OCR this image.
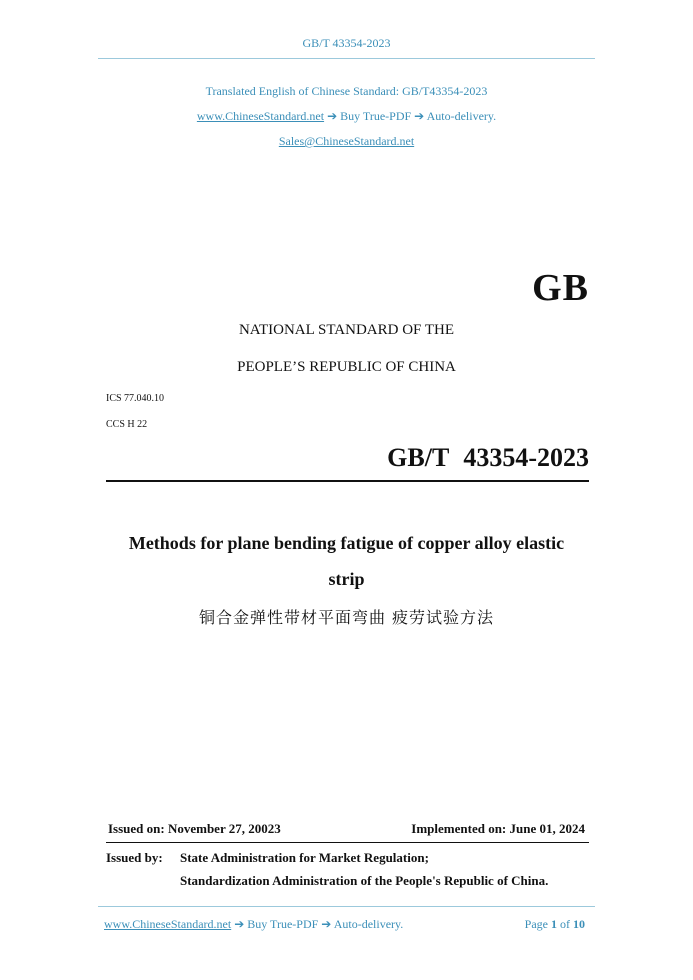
GB/T 43354-2023
Translated English of Chinese Standard: GB/T43354-2023
www.ChineseStandard.net ➔ Buy True-PDF ➔ Auto-delivery.
Sales@ChineseStandard.net
GB
NATIONAL STANDARD OF THE
PEOPLE’S REPUBLIC OF CHINA
ICS 77.040.10
CCS H 22
GB/T 43354-2023
Methods for plane bending fatigue of copper alloy elastic
strip
铜合金弹性带材平面弯曲 疲劳试验方法
Issued on: November 27, 20023	Implemented on: June 01, 2024
Issued by: State Administration for Market Regulation;
Standardization Administration of the People's Republic of China.
www.ChineseStandard.net ➔ Buy True-PDF ➔ Auto-delivery.	Page 1 of 10
